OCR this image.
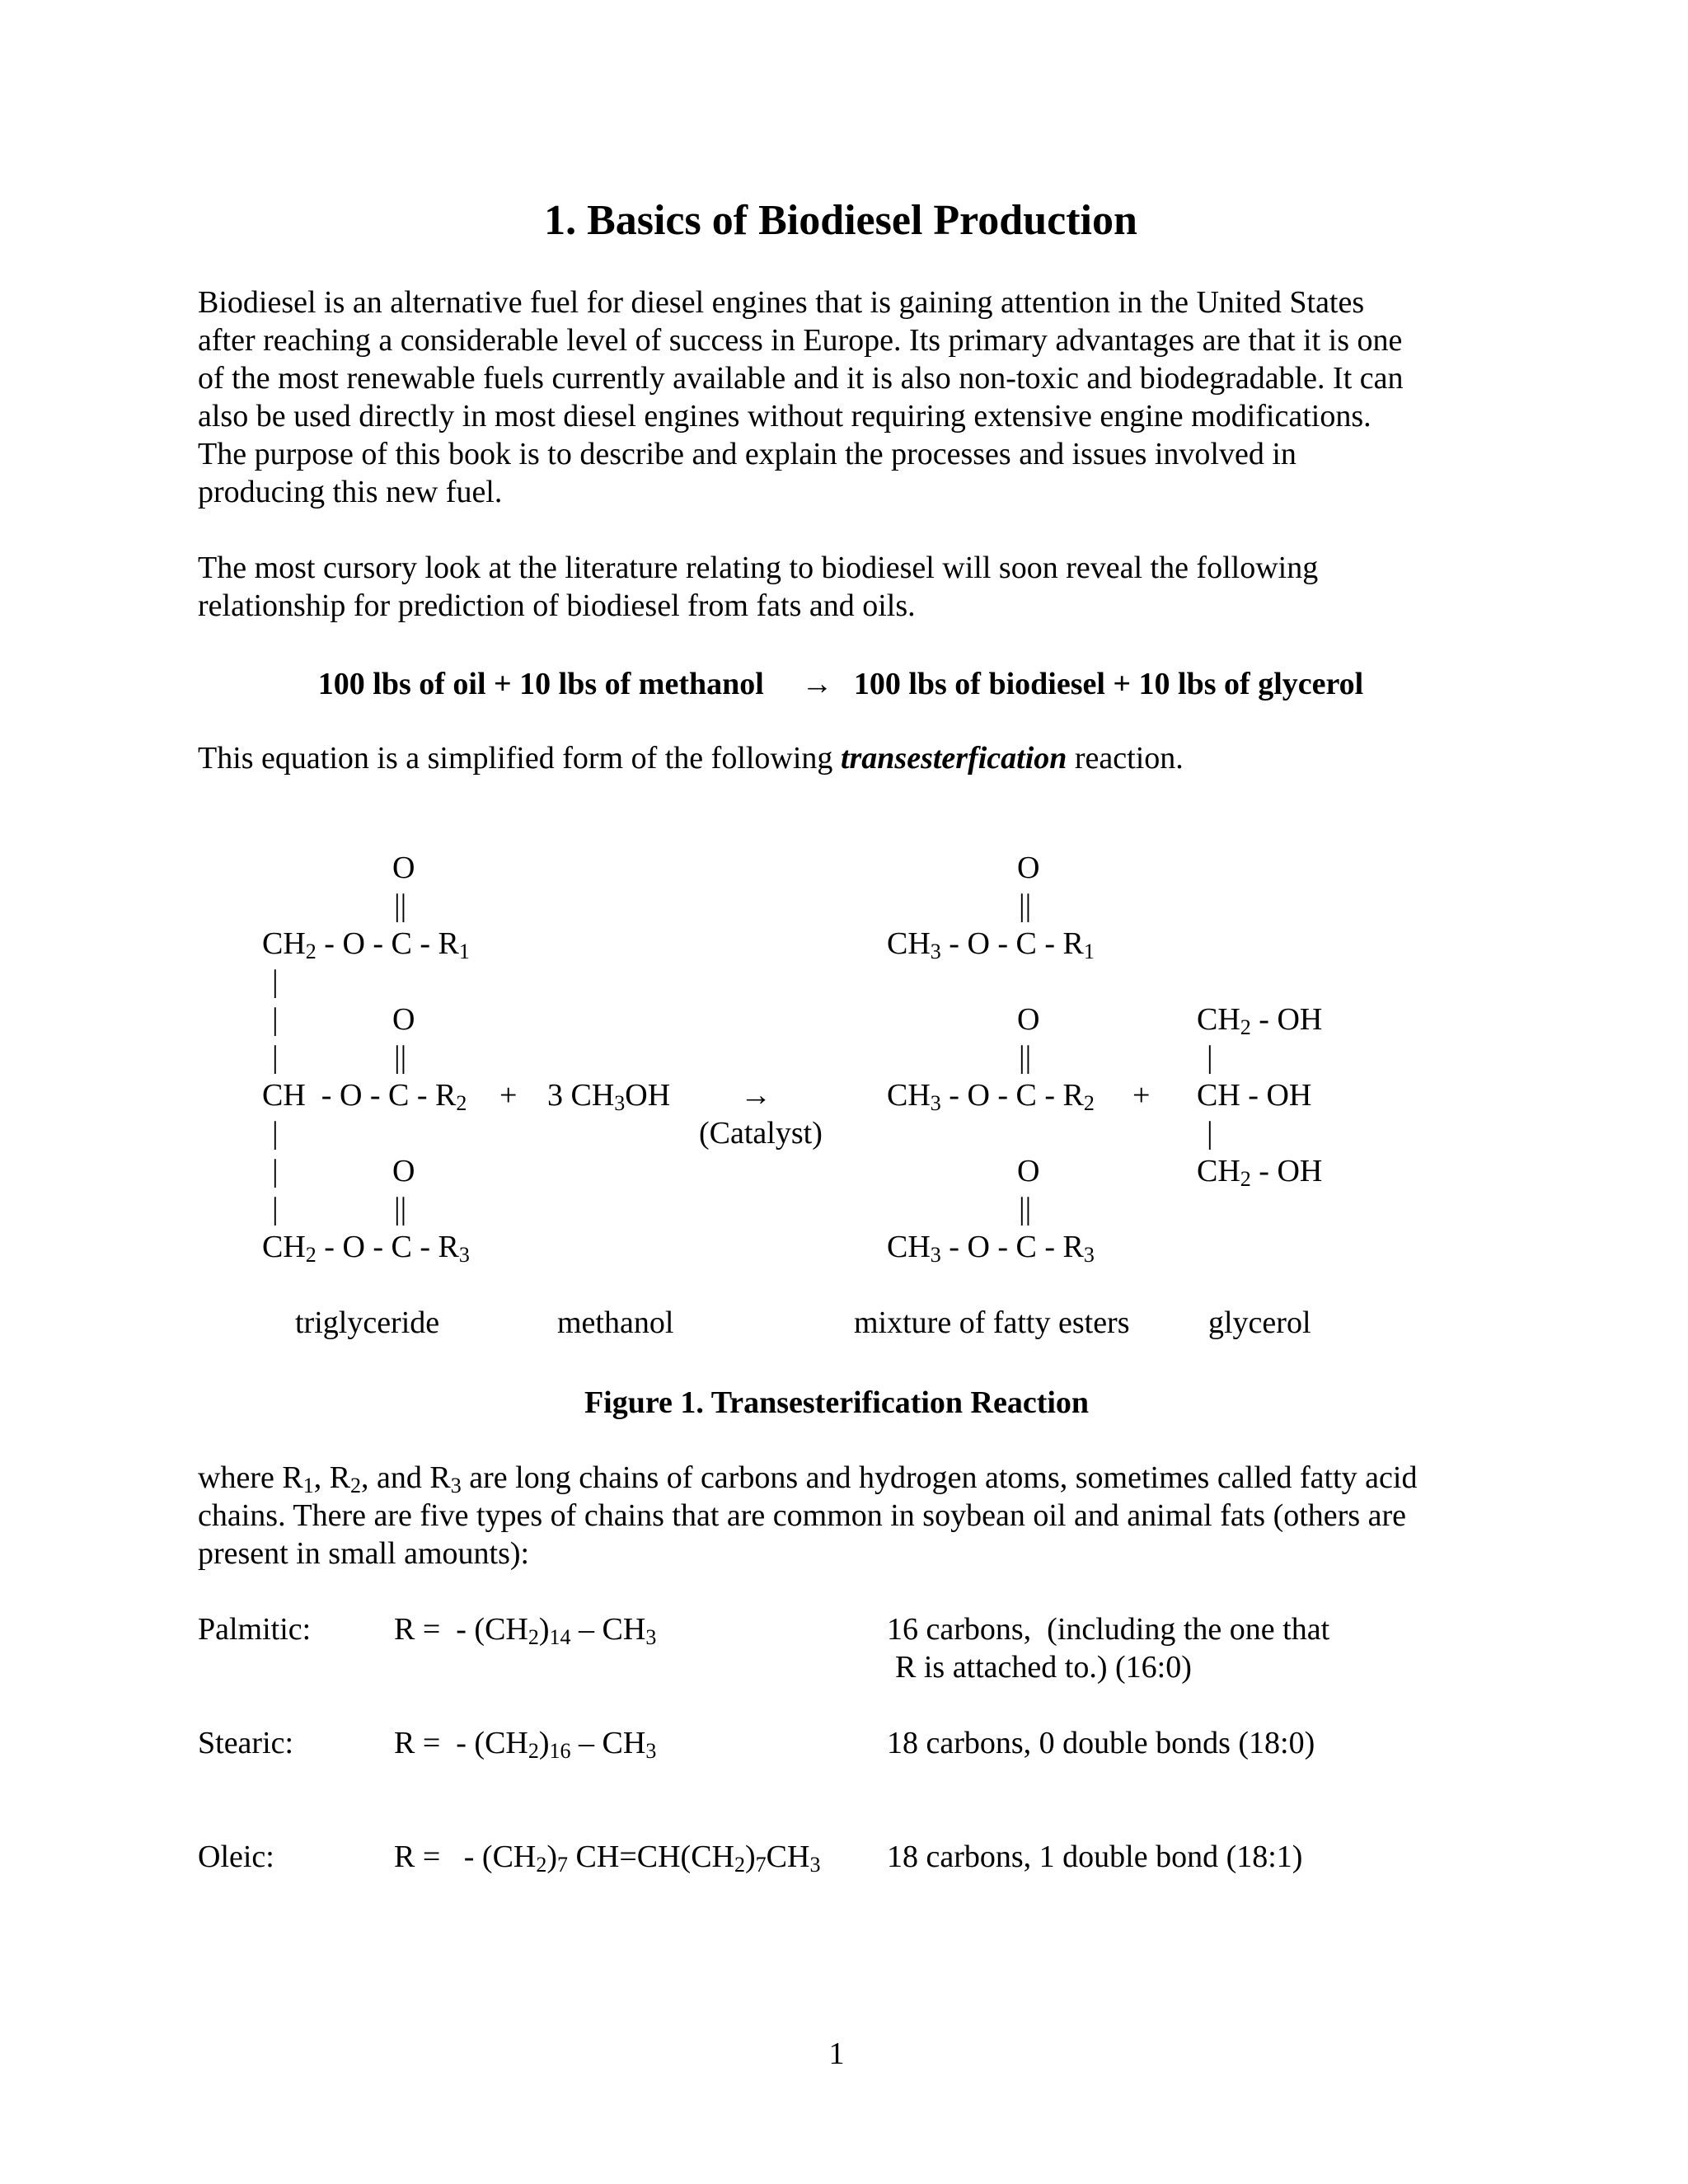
1. Basics of Biodiesel Production
Biodiesel is an alternative fuel for diesel engines that is gaining attention in the United States
after reaching a considerable level of success in Europe. Its primary advantages are that it is one
of the most renewable fuels currently available and it is also non-toxic and biodegradable. It can
also be used directly in most diesel engines without requiring extensive engine modifications.
The purpose of this book is to describe and explain the processes and issues involved in
producing this new fuel.
The most cursory look at the literature relating to biodiesel will soon reveal the following
relationship for prediction of biodiesel from fats and oils.
100 lbs of oil + 10 lbs of methanol → 100 lbs of biodiesel + 10 lbs of glycerol
This equation is a simplified form of the following transesterfication reaction.
O
||
$CH_2$ - O - C - $R_1$
|
|
|
O
||
CH  - $O - C - R_2 + 3$ $CH_3OH$ →
(Catalyst)
|
|
|
O
||
$CH_2$ - O - C - $R_3$
O
||
$CH_3$ - O - C - $R_1$
O
||
$CH_3$ - O - C - $R_2$ +
O
||
$CH_3$ - O - C - $R_3$
$CH_2$ - OH
|
CH - OH
|
$CH_2$ - OH
triglyceride	methanol	mixture of fatty esters	glycerol
Figure 1. Transesterification Reaction
where $R_1$, $R_2$, and $R_3$ are long chains of carbons and hydrogen atoms, sometimes called fatty acid
chains. There are five types of chains that are common in soybean oil and animal fats (others are
present in small amounts):
Palmitic:	R =  - $(CH_2)_{14} - CH_3$	16 carbons,  (including the one that
R is attached to.) (16:0)
Stearic:	R =  - $(CH_2)_{16} - CH_3$	18 carbons, 0 double bonds (18:0)
Oleic:	R =   - $(CH_2)_7$ $CH=CH(CH_2)_7CH_3$ 18 carbons, 1 double bond (18:1)
1
